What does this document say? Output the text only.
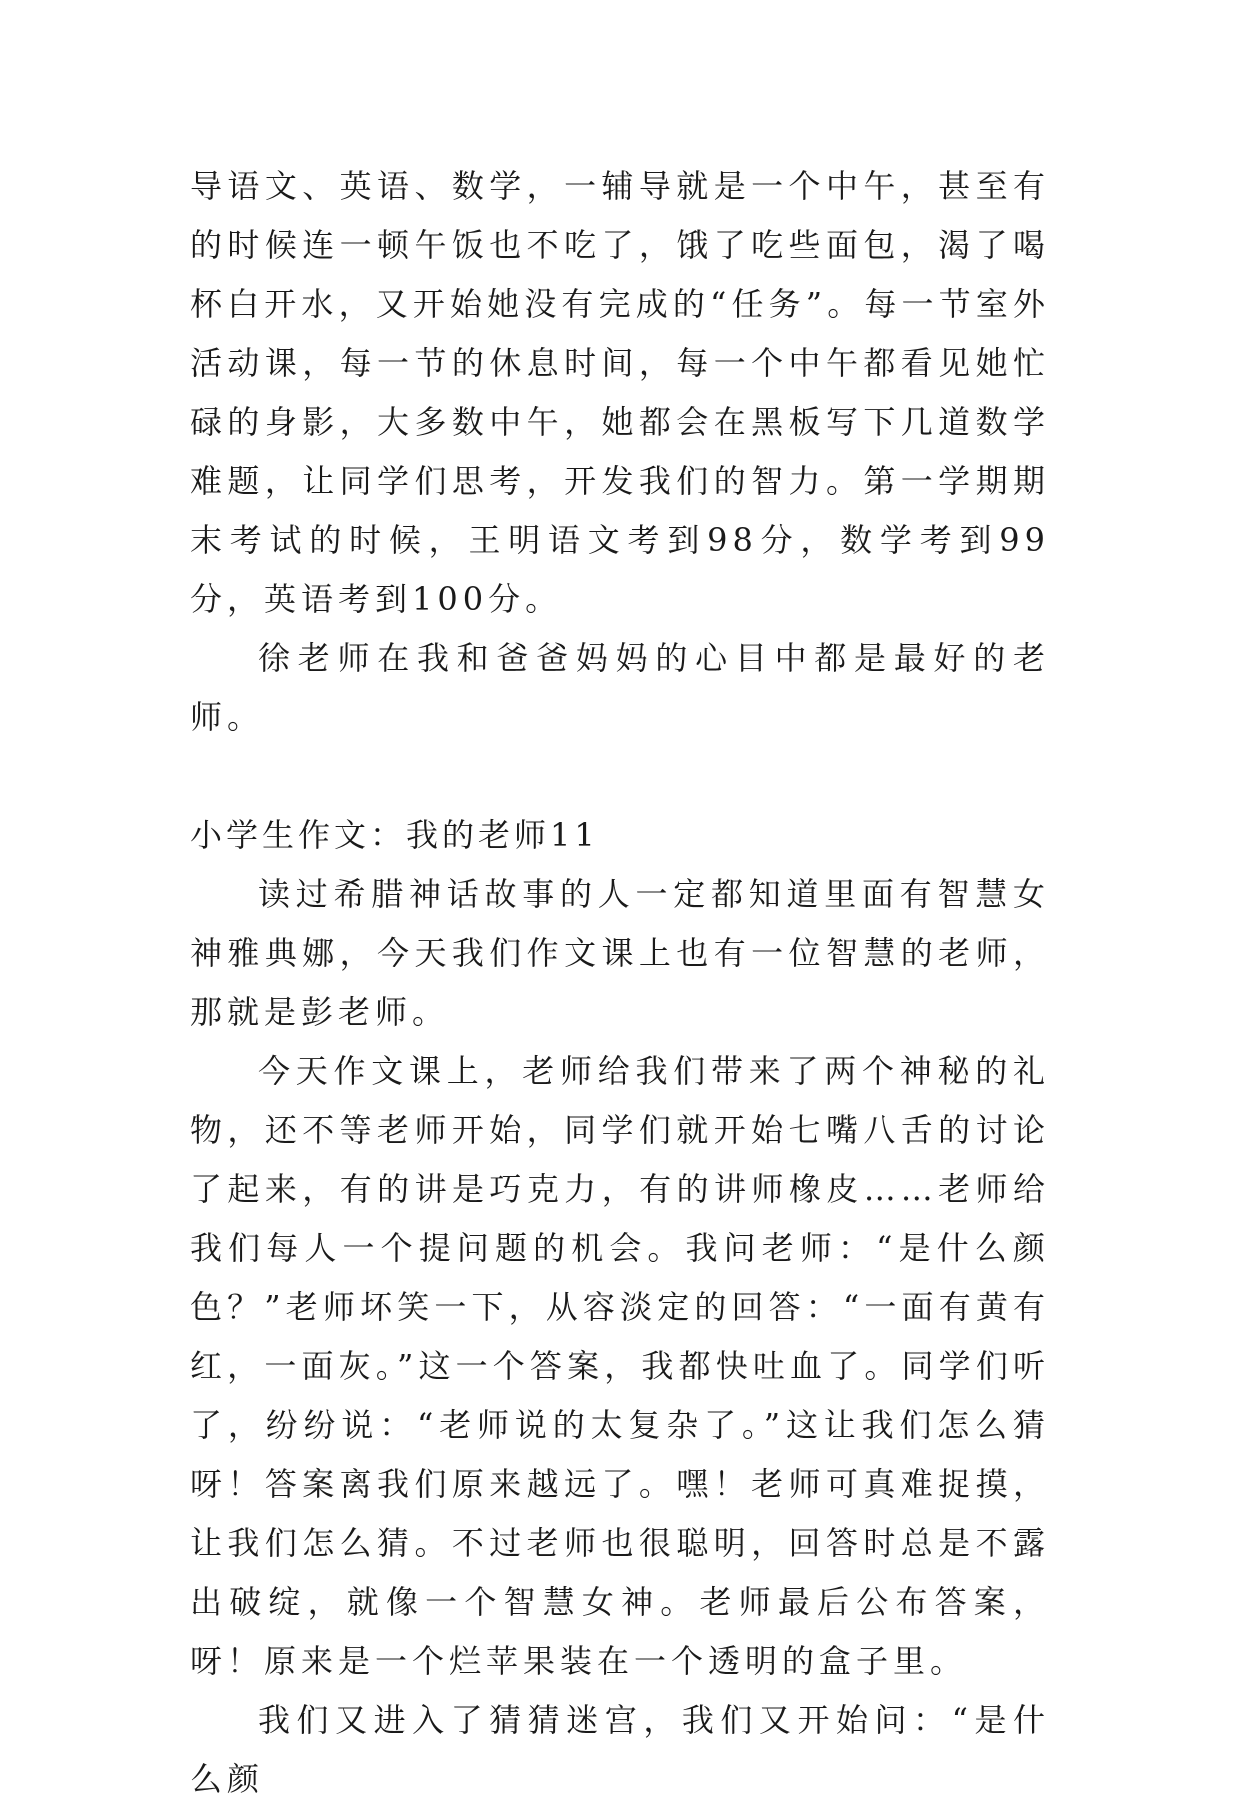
导语文、英语、数学，一辅导就是一个中午，甚至有的时候连一顿午饭也不吃了，饿了吃些面包，渴了喝杯白开水，又开始她没有完成的“任务”。每一节室外活动课，每一节的休息时间，每一个中午都看见她忙碌的身影，大多数中午，她都会在黑板写下几道数学难题，让同学们思考，开发我们的智力。第一学期期末考试的时候，王明语文考到98分，数学考到99分，英语考到100分。

徐老师在我和爸爸妈妈的心目中都是最好的老师。

小学生作文：我的老师11

读过希腊神话故事的人一定都知道里面有智慧女神雅典娜，今天我们作文课上也有一位智慧的老师，那就是彭老师。

今天作文课上，老师给我们带来了两个神秘的礼物，还不等老师开始，同学们就开始七嘴八舌的讨论了起来，有的讲是巧克力，有的讲师橡皮……老师给我们每人一个提问题的机会。我问老师：“是什么颜色？”老师坏笑一下，从容淡定的回答：“一面有黄有红，一面灰。”这一个答案，我都快吐血了。同学们听了，纷纷说：“老师说的太复杂了。”这让我们怎么猜呀！答案离我们原来越远了。嘿！老师可真难捉摸，让我们怎么猜。不过老师也很聪明，回答时总是不露出破绽，就像一个智慧女神。老师最后公布答案，呀！原来是一个烂苹果装在一个透明的盒子里。

我们又进入了猜猜迷宫，我们又开始问：“是什么颜
